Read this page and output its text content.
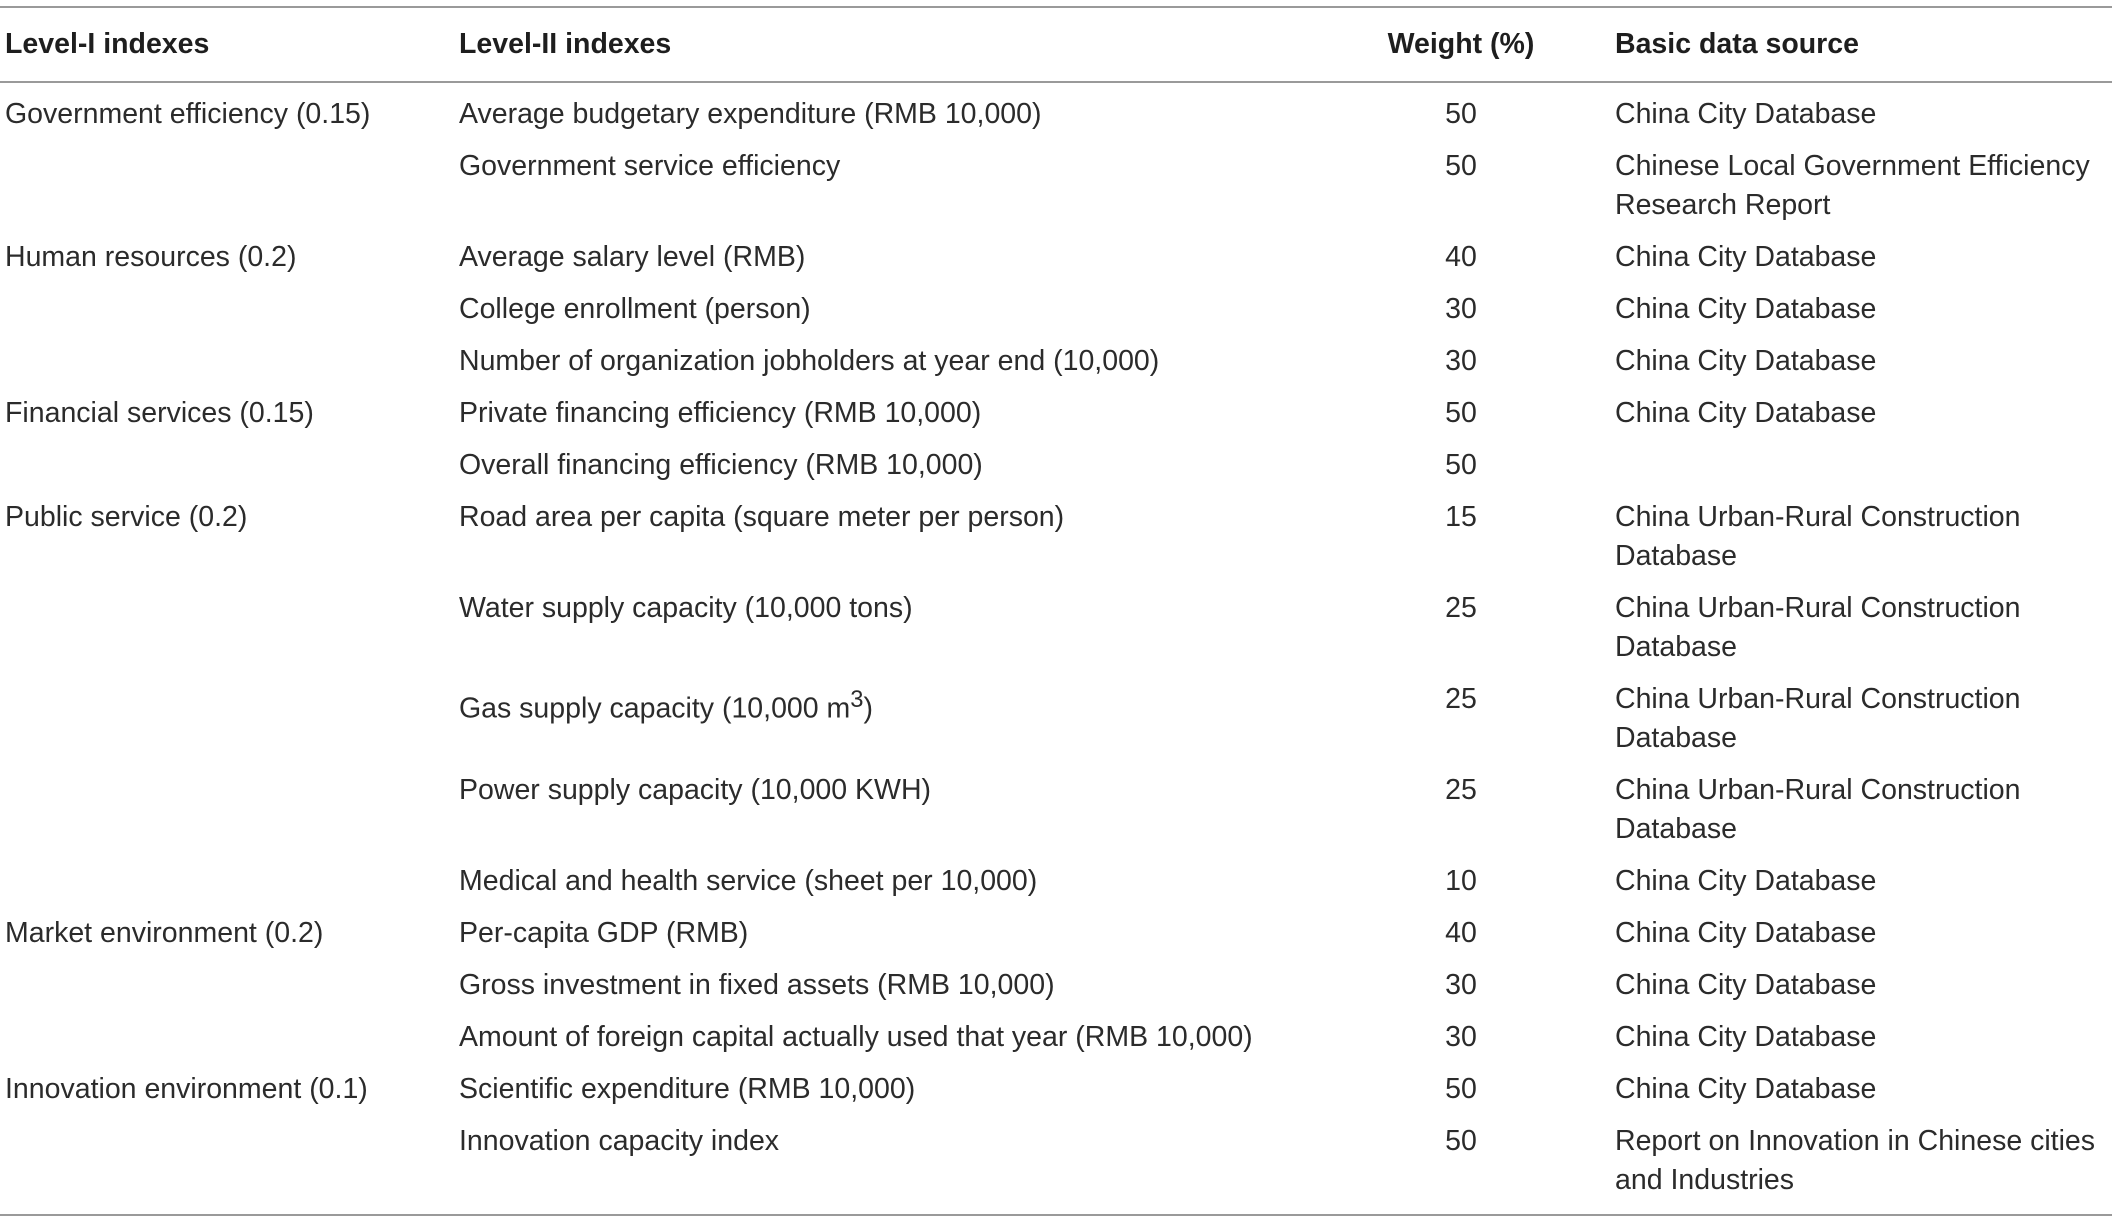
Level-I indexes	Level-II indexes	Weight (%)	Basic data source
Government efficiency (0.15)	Average budgetary expenditure (RMB 10,000)	50	China City Database
	Government service efficiency	50	Chinese Local Government Efficiency Research Report
Human resources (0.2)	Average salary level (RMB)	40	China City Database
	College enrollment (person)	30	China City Database
	Number of organization jobholders at year end (10,000)	30	China City Database
Financial services (0.15)	Private financing efficiency (RMB 10,000)	50	China City Database
	Overall financing efficiency (RMB 10,000)	50	
Public service (0.2)	Road area per capita (square meter per person)	15	China Urban-Rural Construction Database
	Water supply capacity (10,000 tons)	25	China Urban-Rural Construction Database
	Gas supply capacity (10,000 $m^3$)	25	China Urban-Rural Construction Database
	Power supply capacity (10,000 KWH)	25	China Urban-Rural Construction Database
	Medical and health service (sheet per 10,000)	10	China City Database
Market environment (0.2)	Per-capita GDP (RMB)	40	China City Database
	Gross investment in fixed assets (RMB 10,000)	30	China City Database
	Amount of foreign capital actually used that year (RMB 10,000)	30	China City Database
Innovation environment (0.1)	Scientific expenditure (RMB 10,000)	50	China City Database
	Innovation capacity index	50	Report on Innovation in Chinese cities and Industries
